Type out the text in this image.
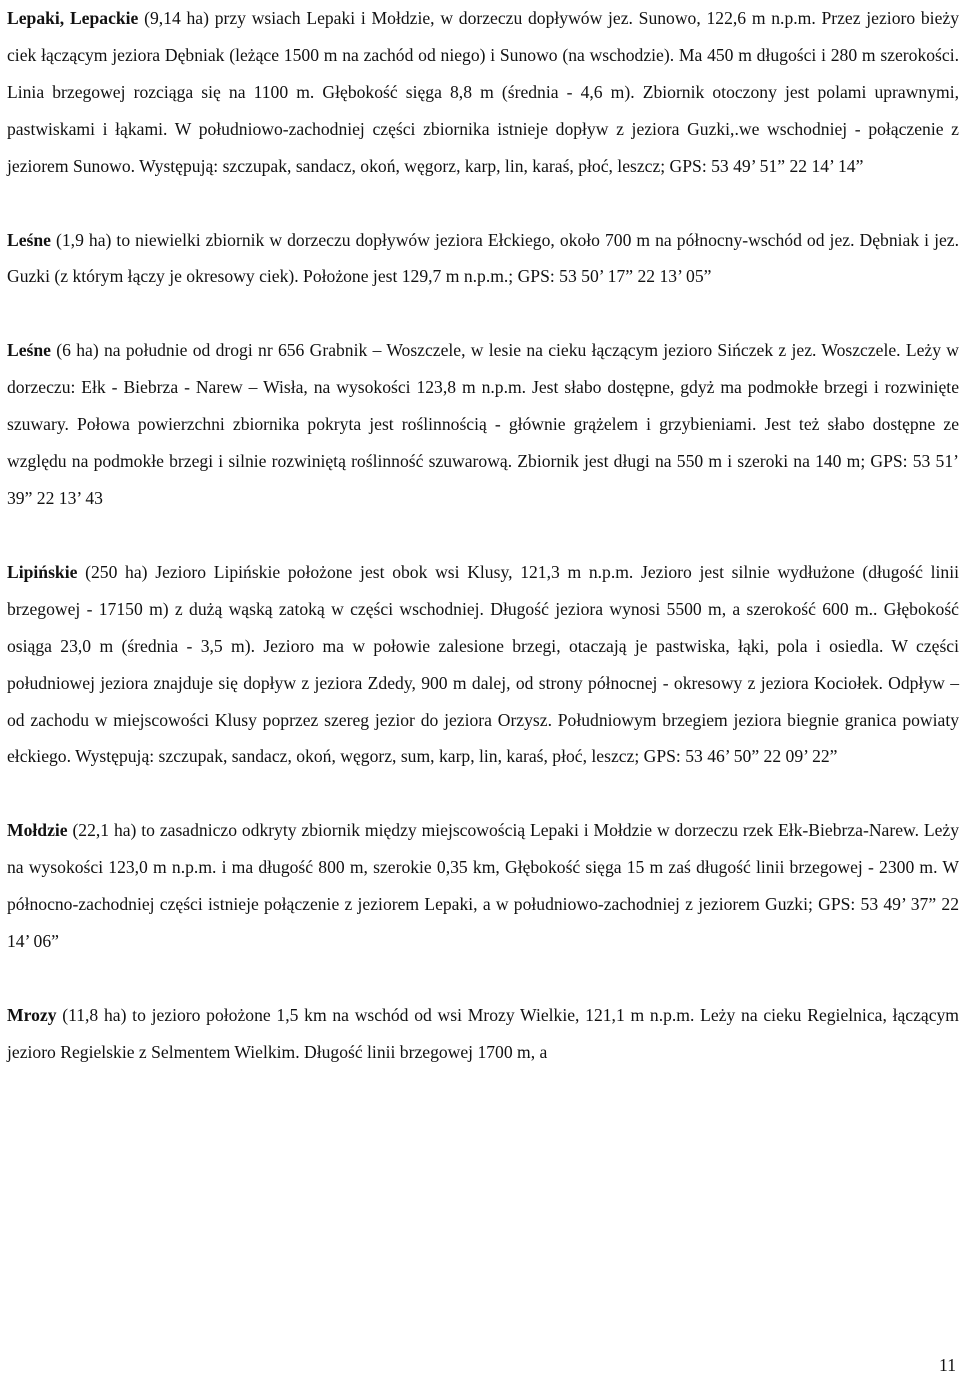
Lepaki, Lepackie (9,14 ha) przy wsiach Lepaki i Mołdzie, w dorzeczu dopływów jez. Sunowo, 122,6 m n.p.m. Przez jezioro bieży ciek łączącym jeziora Dębniak (leżące 1500 m na zachód od niego) i Sunowo (na wschodzie). Ma 450 m długości i 280 m szerokości. Linia brzegowej rozciąga się na 1100 m. Głębokość sięga 8,8 m (średnia - 4,6 m). Zbiornik otoczony jest polami uprawnymi, pastwiskami i łąkami. W południowo-zachodniej części zbiornika istnieje dopływ z jeziora Guzki,.we wschodniej - połączenie z jeziorem Sunowo. Występują: szczupak, sandacz, okoń, węgorz, karp, lin, karaś, płoć, leszcz; GPS: 53 49’ 51” 22 14’ 14”

Leśne (1,9 ha) to niewielki zbiornik w dorzeczu dopływów jeziora Ełckiego, około 700 m na północny-wschód od jez. Dębniak i jez. Guzki (z którym łączy je okresowy ciek). Położone jest 129,7 m n.p.m.; GPS: 53 50’ 17” 22 13’ 05”

Leśne (6 ha) na południe od drogi nr 656 Grabnik – Woszczele, w lesie na cieku łączącym jezioro Sińczek z jez. Woszczele. Leży w dorzeczu: Ełk - Biebrza - Narew – Wisła, na wysokości 123,8 m n.p.m. Jest słabo dostępne, gdyż ma podmokłe brzegi i rozwinięte szuwary. Połowa powierzchni zbiornika pokryta jest roślinnością - głównie grążelem i grzybieniami. Jest też słabo dostępne ze względu na podmokłe brzegi i silnie rozwiniętą roślinność szuwarową. Zbiornik jest długi na 550 m i szeroki na 140 m; GPS: 53 51’ 39” 22 13’ 43

Lipińskie (250 ha) Jezioro Lipińskie położone jest obok wsi Klusy, 121,3 m n.p.m. Jezioro jest silnie wydłużone (długość linii brzegowej - 17150 m) z dużą wąską zatoką w części wschodniej. Długość jeziora wynosi 5500 m, a szerokość 600 m.. Głębokość osiąga 23,0 m (średnia - 3,5 m). Jezioro ma w połowie zalesione brzegi, otaczają je pastwiska, łąki, pola i osiedla. W części południowej jeziora znajduje się dopływ z jeziora Zdedy, 900 m dalej, od strony północnej - okresowy z jeziora Kociołek. Odpływ – od zachodu w miejscowości Klusy poprzez szereg jezior do jeziora Orzysz. Południowym brzegiem jeziora biegnie granica powiaty ełckiego. Występują: szczupak, sandacz, okoń, węgorz, sum, karp, lin, karaś, płoć, leszcz; GPS: 53 46’ 50” 22 09’ 22”

Mołdzie (22,1 ha) to zasadniczo odkryty zbiornik między miejscowością Lepaki i Mołdzie w dorzeczu rzek Ełk-Biebrza-Narew. Leży na wysokości 123,0 m n.p.m. i ma długość 800 m, szerokie 0,35 km, Głębokość sięga 15 m zaś długość linii brzegowej - 2300 m. W północno-zachodniej części istnieje połączenie z jeziorem Lepaki, a w południowo-zachodniej z jeziorem Guzki; GPS: 53 49’ 37” 22 14’ 06”

Mrozy (11,8 ha) to jezioro położone 1,5 km na wschód od wsi Mrozy Wielkie, 121,1 m n.p.m. Leży na cieku Regielnica, łączącym jezioro Regielskie z Selmentem Wielkim. Długość linii brzegowej 1700 m, a

11
